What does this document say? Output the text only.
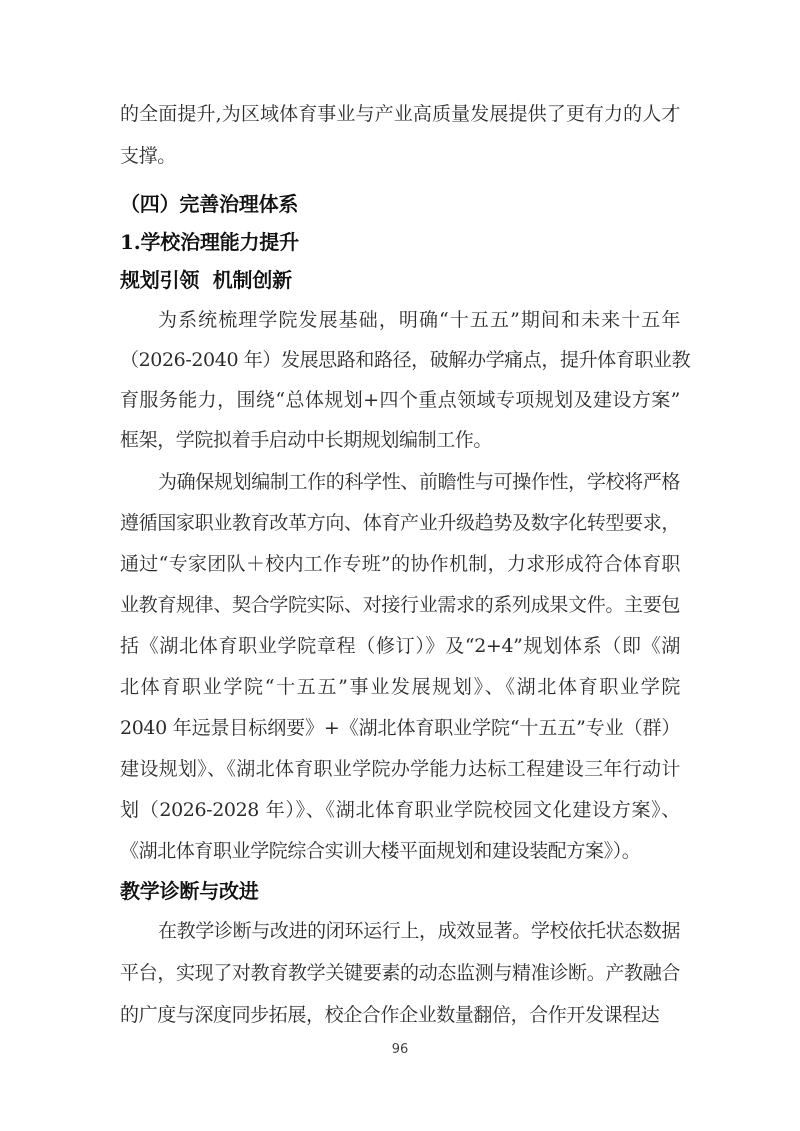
的全面提升,为区域体育事业与产业高质量发展提供了更有力的人才
支撑。

（四）完善治理体系
1.学校治理能力提升
规划引领  机制创新

为系统梳理学院发展基础，明确“十五五”期间和未来十五年
（2026-2040 年）发展思路和路径，破解办学痛点，提升体育职业教
育服务能力，围绕“总体规划+四个重点领域专项规划及建设方案”
框架，学院拟着手启动中长期规划编制工作。

为确保规划编制工作的科学性、前瞻性与可操作性，学校将严格
遵循国家职业教育改革方向、体育产业升级趋势及数字化转型要求，
通过“专家团队＋校内工作专班”的协作机制，力求形成符合体育职
业教育规律、契合学院实际、对接行业需求的系列成果文件。主要包
括《湖北体育职业学院章程（修订）》及“2+4”规划体系（即《湖
北体育职业学院“十五五”事业发展规划》、《湖北体育职业学院
2040 年远景目标纲要》+《湖北体育职业学院“十五五”专业（群）
建设规划》、《湖北体育职业学院办学能力达标工程建设三年行动计
划（2026-2028 年）》、《湖北体育职业学院校园文化建设方案》、
《湖北体育职业学院综合实训大楼平面规划和建设装配方案》）。

教学诊断与改进

在教学诊断与改进的闭环运行上，成效显著。学校依托状态数据
平台，实现了对教育教学关键要素的动态监测与精准诊断。产教融合
的广度与深度同步拓展，校企合作企业数量翻倍，合作开发课程达

96
